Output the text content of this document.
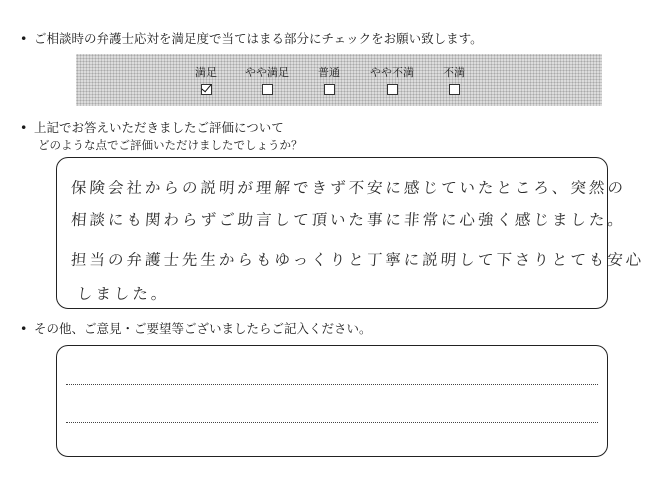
• ご相談時の弁護士応対を満足度で当てはまる部分にチェックをお願い致します。
満足	やや満足	普通	やや不満	不満
• 上記でお答えいただきましたご評価について
どのような点でご評価いただけましたでしょうか？
保険会社からの説明が理解できず不安に感じていたところ、突然の
相談にも関わらずご助言して頂いた事に非常に心強く感じました。
担当の弁護士先生からもゆっくりと丁寧に説明して下さりとても安心
しました。
• その他、ご意見・ご要望等ございましたらご記入ください。
